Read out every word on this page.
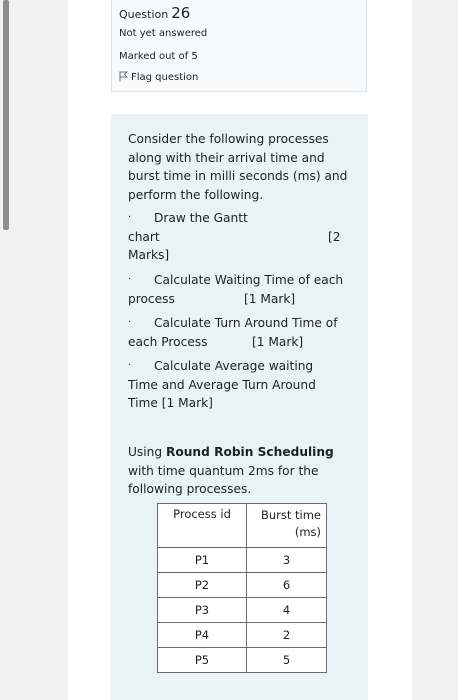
Question 26
Not yet answered
Marked out of 5
Flag question

Consider the following processes along with their arrival time and burst time in milli seconds (ms) and perform the following.

·	Draw the Gantt
chart	[2
Marks]
·	Calculate Waiting Time of each
process	[1 Mark]
·	Calculate Turn Around Time of
each Process	[1 Mark]
·	Calculate Average waiting
Time and Average Turn Around
Time [1 Mark]
Using Round Robin Scheduling with time quantum 2ms for the following processes.
Process id	Burst time (ms)
P1	3
P2	6
P3	4
P4	2
P5	5
